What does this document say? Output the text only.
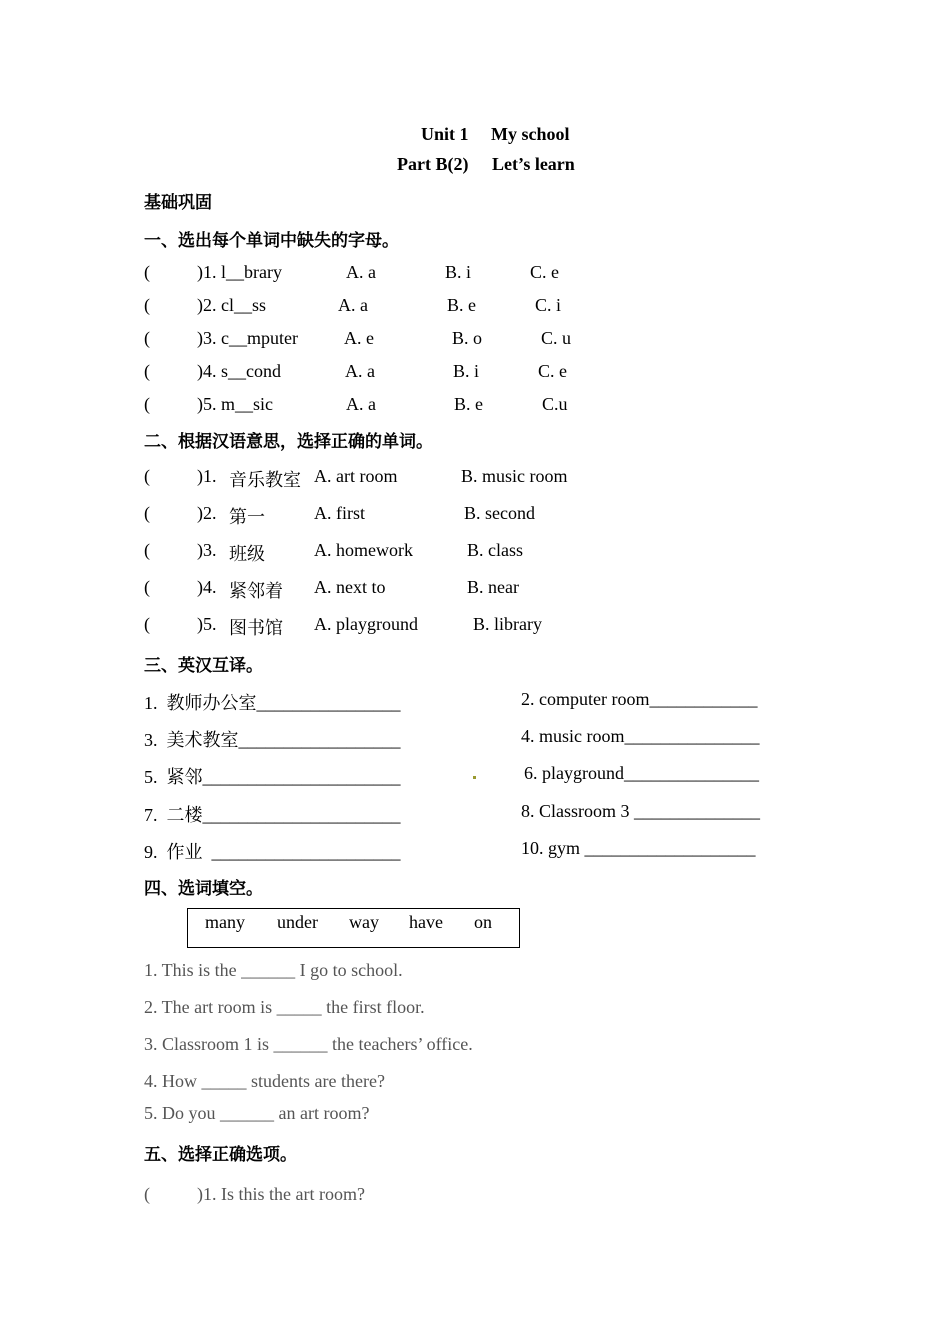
Unit 1 My school
Part B(2) Let’s learn
基础巩固
一、选出每个单词中缺失的字母。
(	)1. l__brary	A. a	B. i	C. e
(	)2. cl__ss	A. a	B. e	C. i
(	)3. c__mputer	A. e	B. o	C. u
(	)4. s__cond	A. a	B. i	C. e
(	)5. m__sic	A. a	B. e	C.u
二、根据汉语意思，选择正确的单词。
(	)1. 音乐教室 A. art room	B. music room
(	)2. 第一	A. first	B. second
(	)3. 班级	A. homework	B. class
(	)4. 紧邻着 A. next to	B. near
(	)5. 图书馆 A. playground	B. library
三、英汉互译。
1.  教师办公室________________	2. computer room____________
3.  美术教室__________________	4. music room_______________
5.  紧邻______________________	6. playground_______________
7.  二楼______________________	8. Classroom 3 ______________
9.  作业  _____________________	10. gym ___________________
四、选词填空。
many under way have on
1. This is the ______ I go to school.
2. The art room is _____ the first floor.
3. Classroom 1 is ______ the teachers’ office.
4. How _____ students are there?
5. Do you ______ an art room?
五、选择正确选项。
(	)1. Is this the art room?
